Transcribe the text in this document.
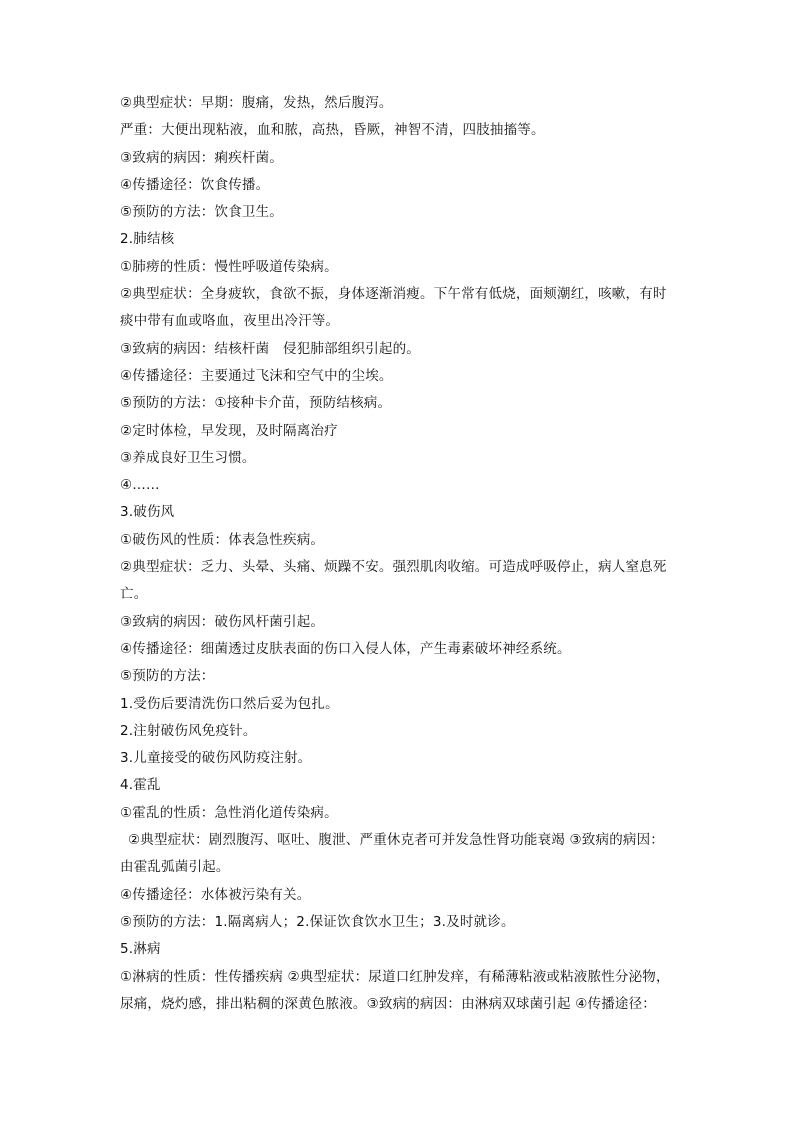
②典型症状：早期：腹痛，发热，然后腹泻。
严重：大便出现粘液，血和脓，高热，昏厥，神智不清，四肢抽搐等。
③致病的病因：痢疾杆菌。
④传播途径：饮食传播。
⑤预防的方法：饮食卫生。
2.肺结核
①肺痨的性质：慢性呼吸道传染病。
②典型症状：全身疲软，食欲不振，身体逐渐消瘦。下午常有低烧，面颊潮红，咳嗽，有时
痰中带有血或咯血，夜里出冷汗等。
③致病的病因：结核杆菌　侵犯肺部组织引起的。
④传播途径：主要通过飞沫和空气中的尘埃。
⑤预防的方法：①接种卡介苗，预防结核病。
②定时体检，早发现，及时隔离治疗
③养成良好卫生习惯。
④……
3.破伤风
①破伤风的性质：体表急性疾病。
②典型症状：乏力、头晕、头痛、烦躁不安。强烈肌肉收缩。可造成呼吸停止，病人窒息死
亡。
③致病的病因：破伤风杆菌引起。
④传播途径：细菌透过皮肤表面的伤口入侵人体，产生毒素破坏神经系统。
⑤预防的方法：
1.受伤后要清洗伤口然后妥为包扎。
2.注射破伤风免疫针。
3.儿童接受的破伤风防疫注射。
4.霍乱
①霍乱的性质：急性消化道传染病。
②典型症状：剧烈腹泻、呕吐、腹泄、严重休克者可并发急性肾功能衰竭 ③致病的病因：
由霍乱弧菌引起。
④传播途径：水体被污染有关。
⑤预防的方法：1.隔离病人；2.保证饮食饮水卫生；3.及时就诊。
5.淋病
①淋病的性质：性传播疾病 ②典型症状：尿道口红肿发痒，有稀薄粘液或粘液脓性分泌物，
尿痛，烧灼感，排出粘稠的深黄色脓液。③致病的病因：由淋病双球菌引起 ④传播途径：
